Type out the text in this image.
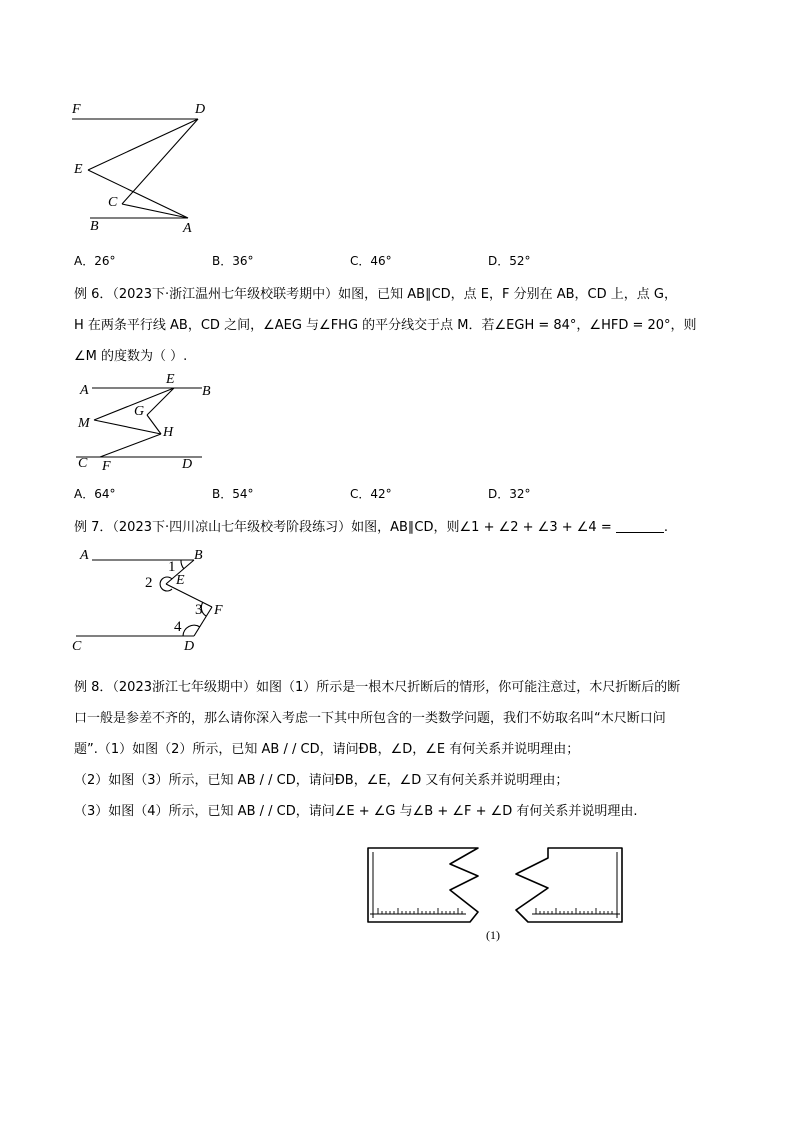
F	D
E
C
B	A
A．26°	B．36°	C．46°	D．52°
例 6．（2023下·浙江温州七年级校联考期中）如图，已知 AB∥CD，点 E，F 分别在 AB，CD 上，点 G，
H 在两条平行线 AB，CD 之间，∠AEG 与∠FHG 的平分线交于点 M．若∠EGH = 84°，∠HFD = 20°，则
∠M 的度数为（ ）.
A
E
B
G
M
H
C F	D
A．64°	B．54°	C．42°	D．32°
例 7．（2023下·四川凉山七年级校考阶段练习）如图，AB∥CD，则∠1 + ∠2 + ∠3 + ∠4 =	.
A	B
1
2 E
3 F
4
C	D
例 8．（2023浙江七年级期中）如图（1）所示是一根木尺折断后的情形，你可能注意过，木尺折断后的断
口一般是参差不齐的，那么请你深入考虑一下其中所包含的一类数学问题，我们不妨取名叫“木尺断口问
题”.（1）如图（2）所示，已知 AB / / CD，请问ÐB，∠D，∠E 有何关系并说明理由；
（2）如图（3）所示，已知 AB / / CD，请问ÐB，∠E，∠D 又有何关系并说明理由；
（3）如图（4）所示，已知 AB / / CD，请问∠E + ∠G 与∠B + ∠F + ∠D 有何关系并说明理由.
(1)
